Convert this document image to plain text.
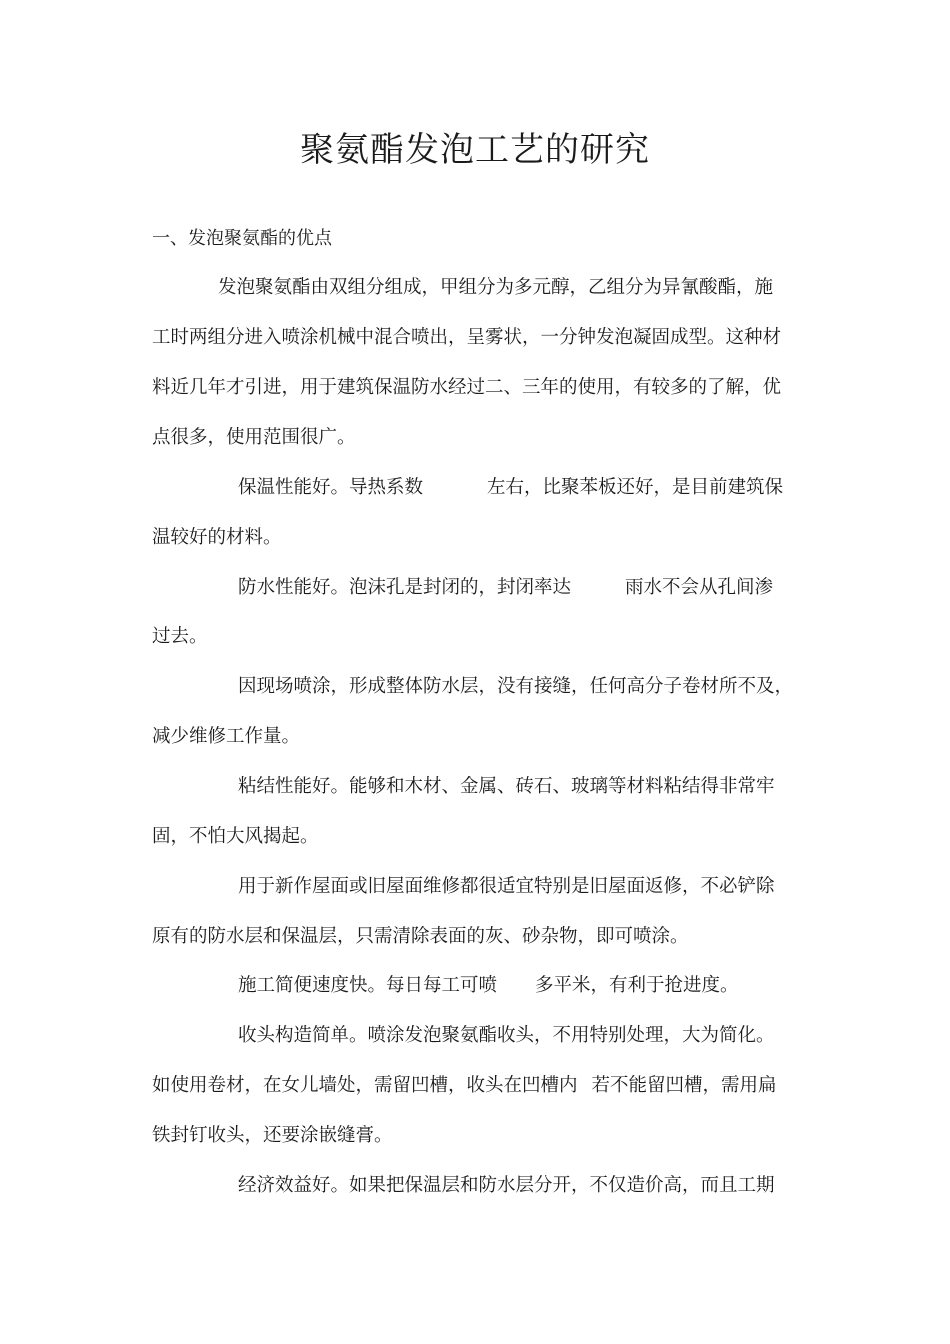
聚氨酯发泡工艺的研究
一、发泡聚氨酯的优点
发泡聚氨酯由双组分组成，甲组分为多元醇，乙组分为异氰酸酯，施
工时两组分进入喷涂机械中混合喷出，呈雾状，一分钟发泡凝固成型。这种材
料近几年才引进，用于建筑保温防水经过二、三年的使用，有较多的了解，优
点很多，使用范围很广。
保温性能好。导热系数	左右，比聚苯板还好，是目前建筑保
温较好的材料。
防水性能好。泡沫孔是封闭的，封闭率达	雨水不会从孔间渗
过去。
因现场喷涂，形成整体防水层，没有接缝，任何高分子卷材所不及，
减少维修工作量。
粘结性能好。能够和木材、金属、砖石、玻璃等材料粘结得非常牢
固，不怕大风揭起。
用于新作屋面或旧屋面维修都很适宜特别是旧屋面返修，不必铲除
原有的防水层和保温层，只需清除表面的灰、砂杂物，即可喷涂。
施工简便速度快。每日每工可喷 多平米，有利于抢进度。
收头构造简单。喷涂发泡聚氨酯收头，不用特别处理，大为简化。
如使用卷材，在女儿墙处，需留凹槽，收头在凹槽内 若不能留凹槽，需用扁
铁封钉收头，还要涂嵌缝膏。
经济效益好。如果把保温层和防水层分开，不仅造价高，而且工期
